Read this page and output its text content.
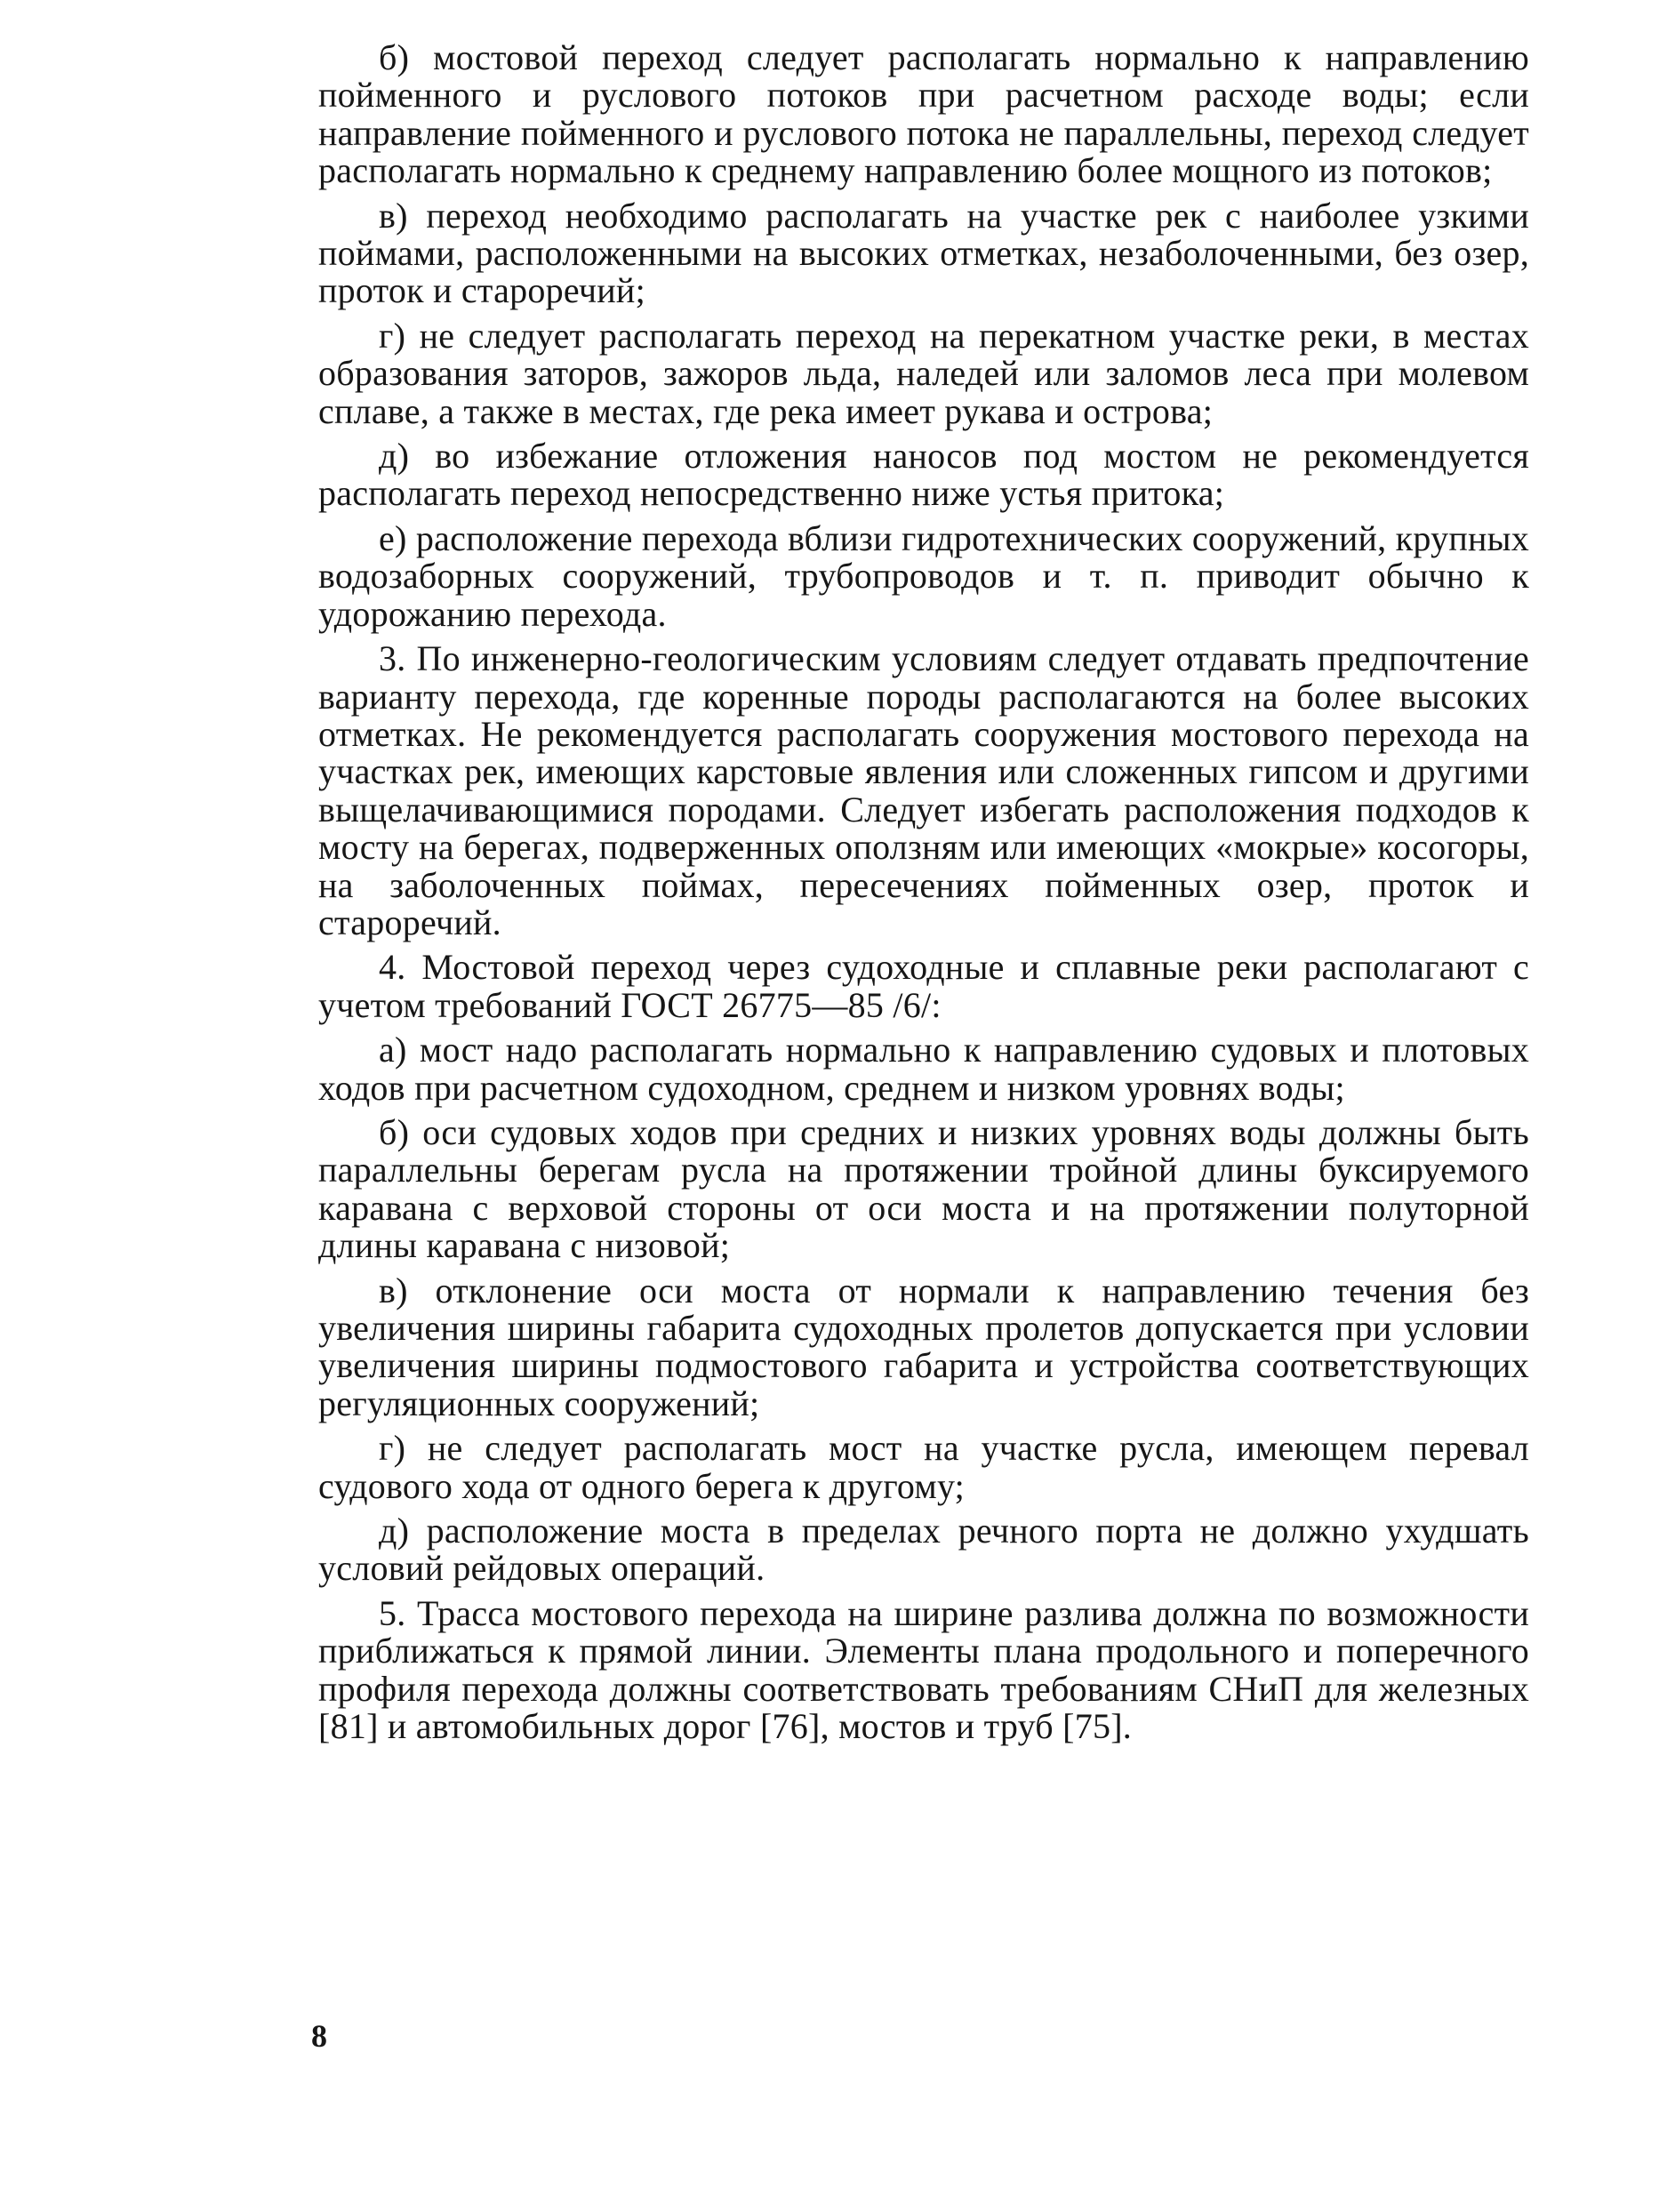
б) мостовой переход следует располагать нормально к направлению пойменного и руслового потоков при расчетном расходе воды; если направление пойменного и руслового потока не параллельны, переход следует располагать нормально к среднему направлению более мощного из потоков;

в) переход необходимо располагать на участке рек с наиболее узкими поймами, расположенными на высоких отметках, незаболоченными, без озер, проток и староречий;

г) не следует располагать переход на перекатном участке реки, в местах образования заторов, зажоров льда, наледей или заломов леса при молевом сплаве, а также в местах, где река имеет рукава и острова;

д) во избежание отложения наносов под мостом не рекомендуется располагать переход непосредственно ниже устья притока;

е) расположение перехода вблизи гидротехнических сооружений, крупных водозаборных сооружений, трубопроводов и т. п. приводит обычно к удорожанию перехода.

3. По инженерно-геологическим условиям следует отдавать предпочтение варианту перехода, где коренные породы располагаются на более высоких отметках. Не рекомендуется располагать сооружения мостового перехода на участках рек, имеющих карстовые явления или сложенных гипсом и другими выщелачивающимися породами. Следует избегать расположения подходов к мосту на берегах, подверженных оползням или имеющих «мокрые» косогоры, на заболоченных поймах, пересечениях пойменных озер, проток и староречий.

4. Мостовой переход через судоходные и сплавные реки располагают с учетом требований ГОСТ 26775—85 /6/:

а) мост надо располагать нормально к направлению судовых и плотовых ходов при расчетном судоходном, среднем и низком уровнях воды;

б) оси судовых ходов при средних и низких уровнях воды должны быть параллельны берегам русла на протяжении тройной длины буксируемого каравана с верховой стороны от оси моста и на протяжении полуторной длины каравана с низовой;

в) отклонение оси моста от нормали к направлению течения без увеличения ширины габарита судоходных пролетов допускается при условии увеличения ширины подмостового габарита и устройства соответствующих регуляционных сооружений;

г) не следует располагать мост на участке русла, имеющем перевал судового хода от одного берега к другому;

д) расположение моста в пределах речного порта не должно ухудшать условий рейдовых операций.

5. Трасса мостового перехода на ширине разлива должна по возможности приближаться к прямой линии. Элементы плана продольного и поперечного профиля перехода должны соответствовать требованиям СНиП для железных [81] и автомобильных дорог [76], мостов и труб [75].

8
